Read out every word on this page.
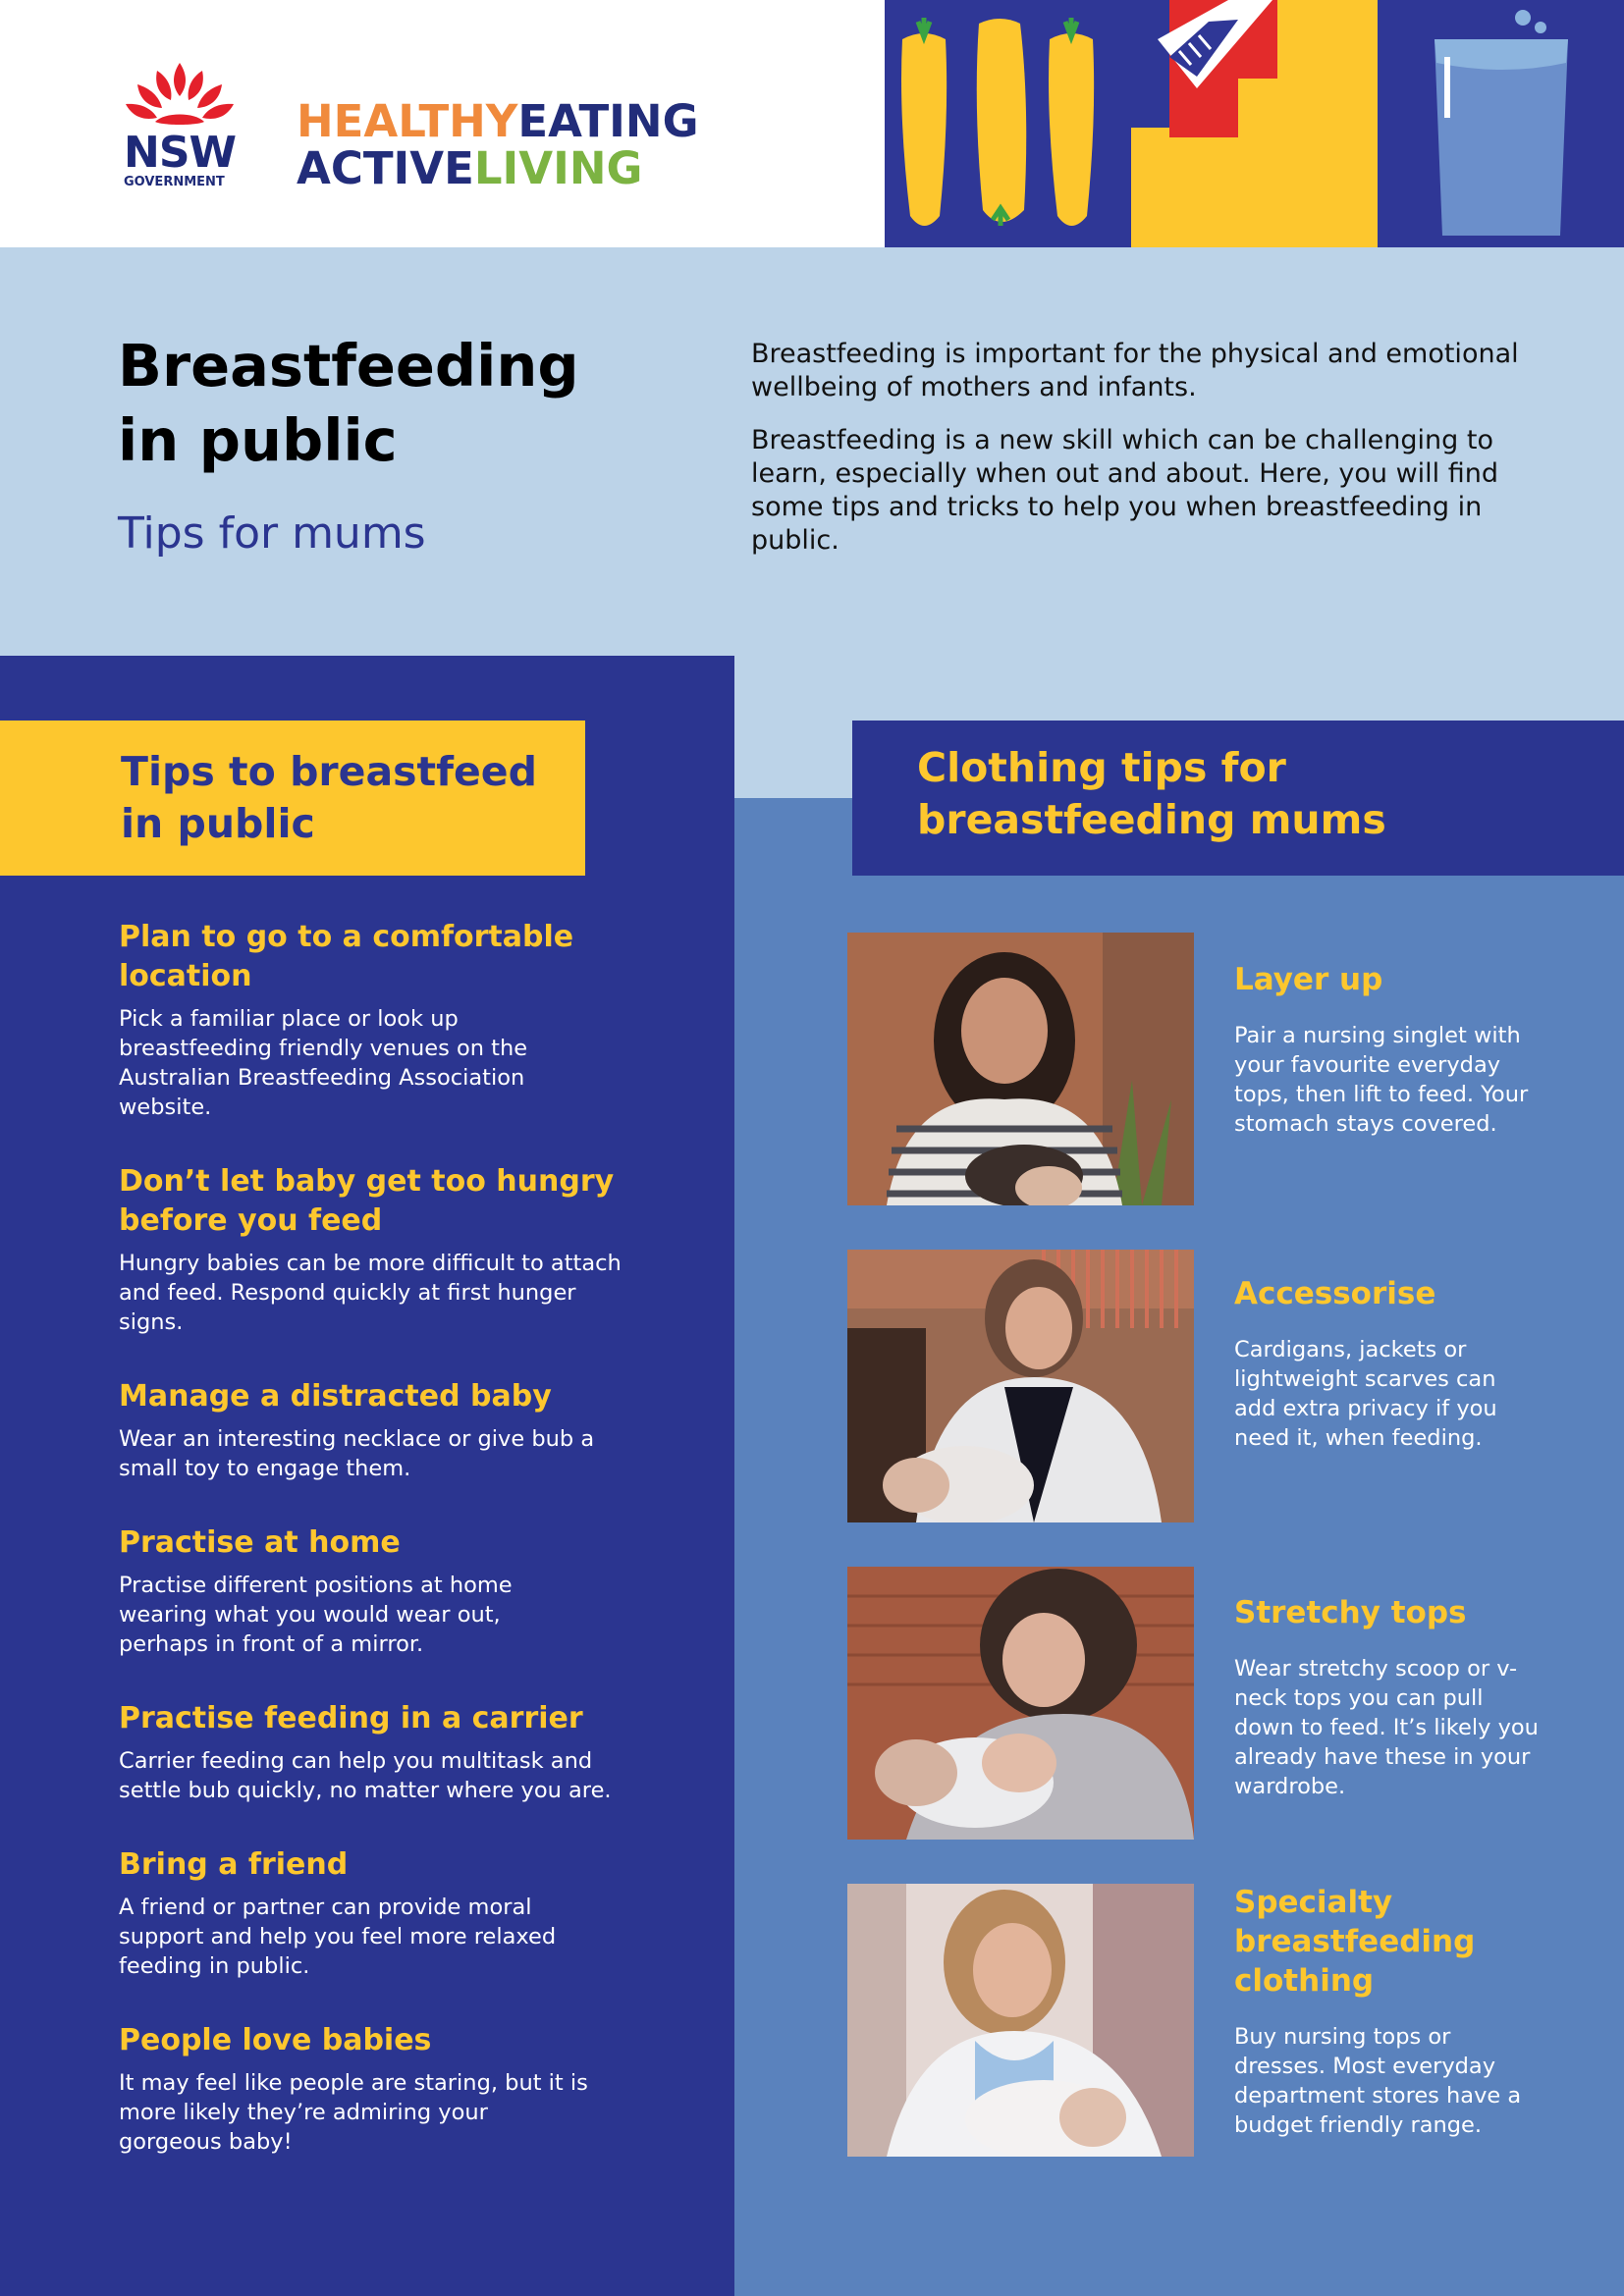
NSW
GOVERNMENT
HEALTHYEATING
ACTIVELIVING
Breastfeeding
in public
Tips for mums

Breastfeeding is important for the physical and emotional wellbeing of mothers and infants.

Breastfeeding is a new skill which can be challenging to learn, especially when out and about. Here, you will find some tips and tricks to help you when breastfeeding in public.

Tips to breastfeed
in public
Plan to go to a comfortable location

Pick a familiar place or look up breastfeeding friendly venues on the Australian Breastfeeding Association website.

Don’t let baby get too hungry before you feed

Hungry babies can be more difficult to attach and feed. Respond quickly at first hunger signs.

Manage a distracted baby

Wear an interesting necklace or give bub a small toy to engage them.

Practise at home

Practise different positions at home wearing what you would wear out, perhaps in front of a mirror.

Practise feeding in a carrier

Carrier feeding can help you multitask and settle bub quickly, no matter where you are.

Bring a friend

A friend or partner can provide moral support and help you feel more relaxed feeding in public.

People love babies

It may feel like people are staring, but it is more likely they’re admiring your gorgeous baby!

Clothing tips for
breastfeeding mums
Layer up

Pair a nursing singlet with your favourite everyday tops, then lift to feed. Your stomach stays covered.

Accessorise

Cardigans, jackets or lightweight scarves can add extra privacy if you need it, when feeding.

Stretchy tops

Wear stretchy scoop or v-neck tops you can pull down to feed. It’s likely you already have these in your wardrobe.

Specialty breastfeeding clothing

Buy nursing tops or dresses. Most everyday department stores have a budget friendly range.
